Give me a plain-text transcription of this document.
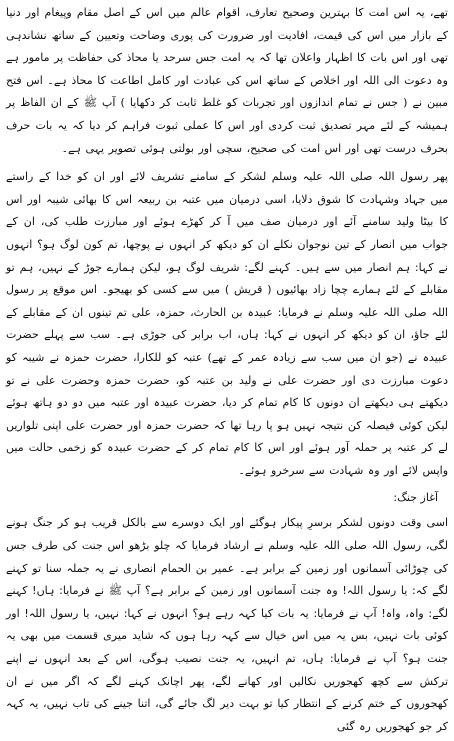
تھے، یہ اس امت کا بہترین وصحیح تعارف، اقوام عالم میں اس کے اصل مقام وپیغام اور دنیا کے بازار میں اس کی قیمت، افادیت اور ضرورت کی پوری وضاحت وتعیین کے ساتھ نشاندہی تھی اور اس بات کا اظہار واعلان تھا کہ یہ امت جس سرحد یا محاذ کی حفاظت پر مامور ہے وہ دعوت الی اللہ اور اخلاص کے ساتھ اس کی عبادت اور کامل اطاعت کا محاذ ہے۔ اس فتح مبین نے ( جس نے تمام اندازوں اور تجربات کو غلط ثابت کر دکھایا ) آپ ﷺ کے ان الفاظ پر ہمیشہ کے لئے مہر تصدیق ثبت کردی اور اس کا عملی ثبوت فراہم کر دیا کہ یہ بات حرف بحرف درست تھی اور اس امت کی صحیح، سچی اور بولتی ہوئی تصویر یہی ہے۔

پھر رسول اللہ صلی اللہ علیہ وسلم لشکر کے سامنے تشریف لائے اور ان کو خدا کے راستے میں جہاد وشہادت کا شوق دلایا، اسی درمیان میں عتبہ بن ربیعہ اس کا بھائی شیبہ اور اس کا بیٹا ولید سامنے آئے اور درمیان صف میں آ کر کھڑے ہوئے اور مبارزت طلب کی، ان کے جواب میں انصار کے تین نوجوان نکلے ان کو دیکھ کر انہوں نے پوچھا، تم کون لوگ ہو؟ انہوں نے کہا: ہم انصار میں سے ہیں۔ کہنے لگے: شریف لوگ ہو، لیکن ہمارے جوڑ کے نہیں، ہم تو مقابلے کے لئے ہمارے چچا زاد بھائیوں ( قریش ) میں سے کسی کو بھیجو۔ اس موقع پر رسول اللہ صلی اللہ علیہ وسلم نے فرمایا: عبیدہ بن الحارث، حمزہ، علی تم تینوں ان کے مقابلے کے لئے جاؤ، ان کو دیکھ کر انہوں نے کہا: ہاں، اب برابر کی جوڑی ہے۔ سب سے پہلے حضرت عبیدہ نے (جو ان میں سب سے زیادہ عمر کے تھے) عتبہ کو للکارا، حضرت حمزہ نے شیبہ کو دعوت مبارزت دی اور حضرت علی نے ولید بن عتبہ کو، حضرت حمزہ وحضرت علی نے تو دیکھتے ہی دیکھتے ان دونوں کا کام تمام کر دیا، حضرت عبیدہ اور عتبہ میں دو دو ہاتھ ہوئے لیکن کوئی فیصلہ کن نتیجہ نہیں ہو پا رہا تھا کہ حضرت حمزہ اور حضرت علی اپنی تلواریں لے کر عتبہ پر حملہ آور ہوئے اور اس کا کام تمام کر کے حضرت عبیدہ کو زخمی حالت میں واپس لائے اور وہ شہادت سے سرخرو ہوئے۔

آغاز جنگ:

اسی وقت دونوں لشکر برسرِ پیکار ہوگئے اور ایک دوسرے سے بالکل قریب ہو کر جنگ ہونے لگی، رسول اللہ صلی اللہ علیہ وسلم نے ارشاد فرمایا کہ چلو بڑھو اس جنت کی طرف جس کی چوڑائی آسمانوں اور زمین کے برابر ہے۔ عمیر بن الحمام انصاری نے یہ جملہ سنا تو کہنے لگے کہ: یا رسول اللہ! وہ جنت آسمانوں اور زمین کے برابر ہے؟ آپ ﷺ نے فرمایا: ہاں! کہنے لگے: واہ، واہ! آپ نے فرمایا: یہ بات کیا کہہ رہے ہو؟ انہوں نے کہا: نہیں، یا رسول اللہ! اور کوئی بات نہیں، بس یہ میں اس خیال سے کہہ رہا ہوں کہ شاید میری قسمت میں بھی یہ جنت ہو؟ آپ نے فرمایا: ہاں، تم انہیں، یہ جنت نصیب ہوگی، اس کے بعد انہوں نے اپنے ترکش سے کچھ کھجوریں نکالیں اور کھانے لگے، پھر اچانک کہنے لگے کہ اگر میں نے ان کھجوروں کے ختم کرنے کے انتظار کیا تو بہت دیر لگ جائے گی، اتنا جینے کی تاب نہیں، یہ کہہ کر جو کھجوریں رہ گئی
